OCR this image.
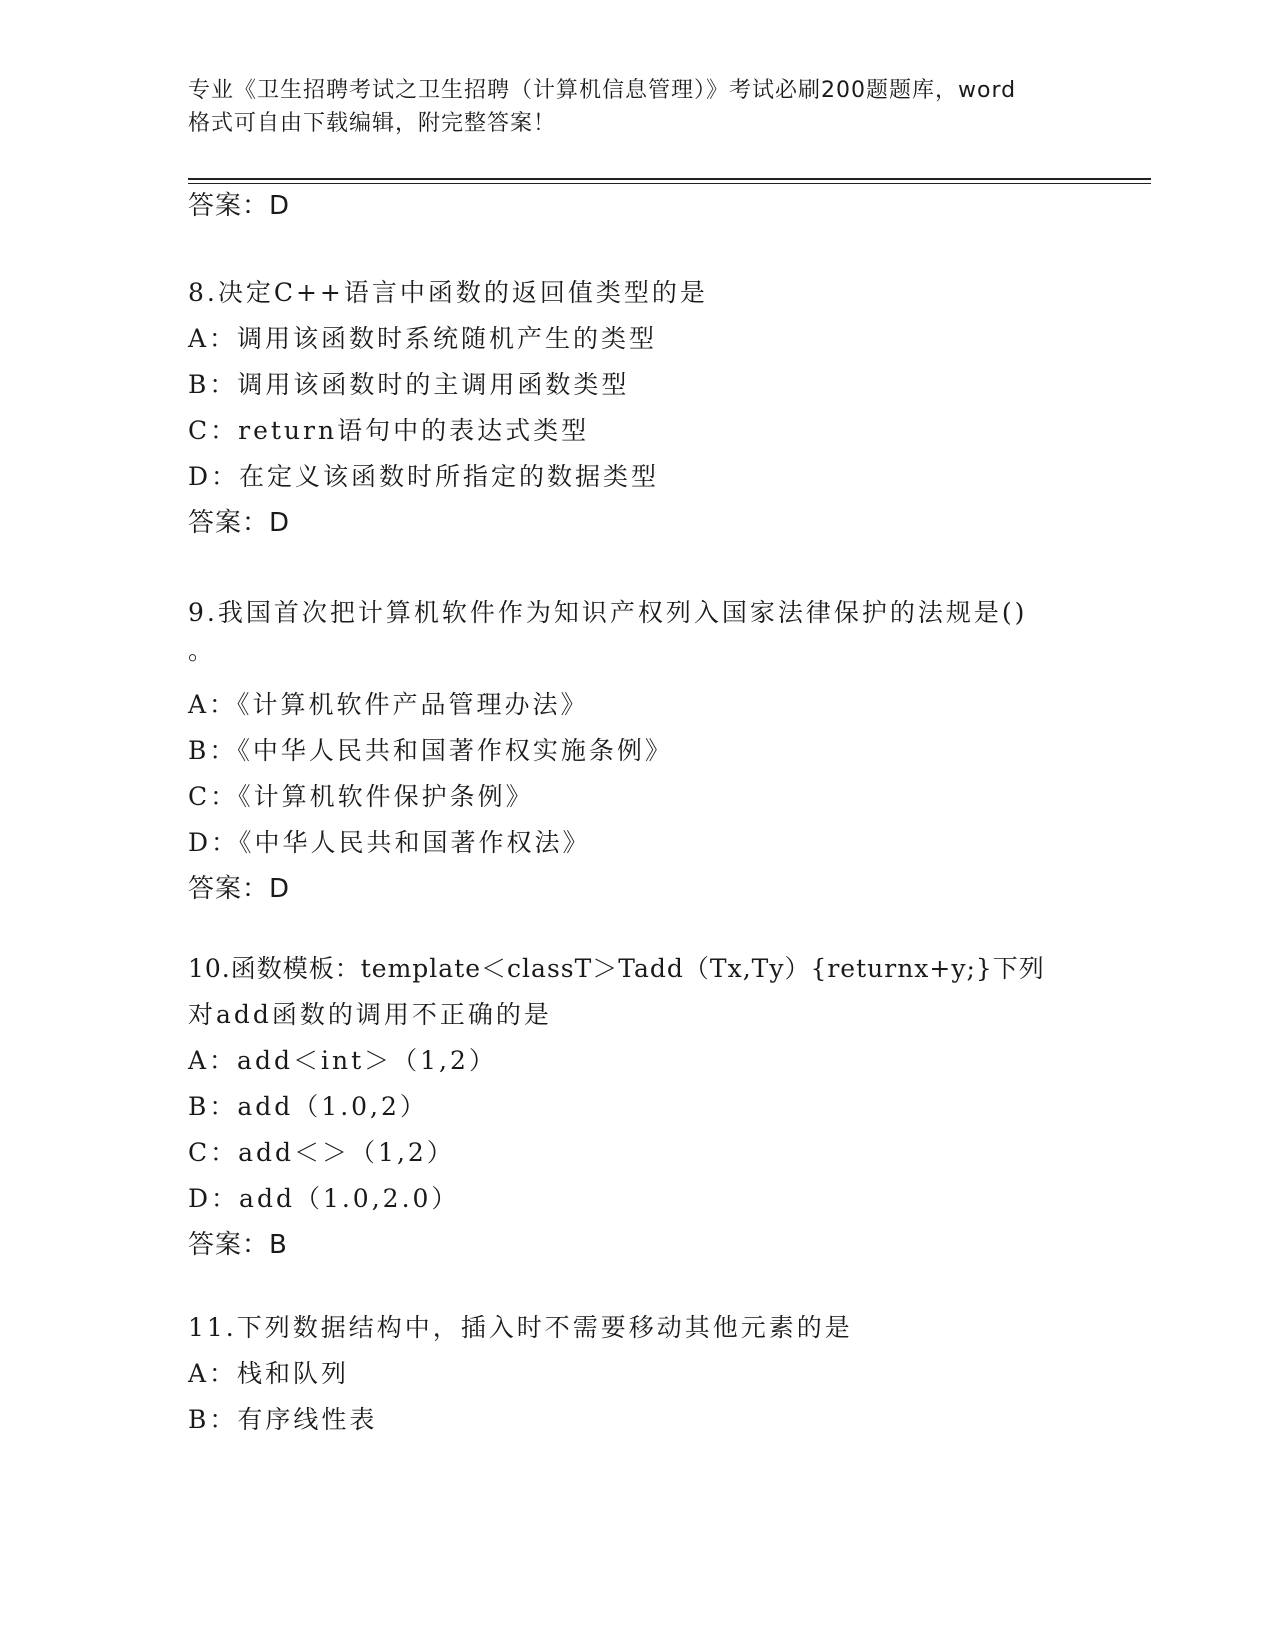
专业《卫生招聘考试之卫生招聘（计算机信息管理）》考试必刷200题题库，word
格式可自由下载编辑，附完整答案！
答案：D
8.决定C++语言中函数的返回值类型的是
A：调用该函数时系统随机产生的类型
B：调用该函数时的主调用函数类型
C：return语句中的表达式类型
D：在定义该函数时所指定的数据类型
答案：D
9.我国首次把计算机软件作为知识产权列入国家法律保护的法规是()
。
A：《计算机软件产品管理办法》
B：《中华人民共和国著作权实施条例》
C：《计算机软件保护条例》
D：《中华人民共和国著作权法》
答案：D
10.函数模板：template＜classT＞Tadd（Tx,Ty）{returnx+y;}下列
对add函数的调用不正确的是
A：add＜int＞（1,2）
B：add（1.0,2）
C：add＜＞（1,2）
D：add（1.0,2.0）
答案：B
11.下列数据结构中，插入时不需要移动其他元素的是
A：栈和队列
B：有序线性表
